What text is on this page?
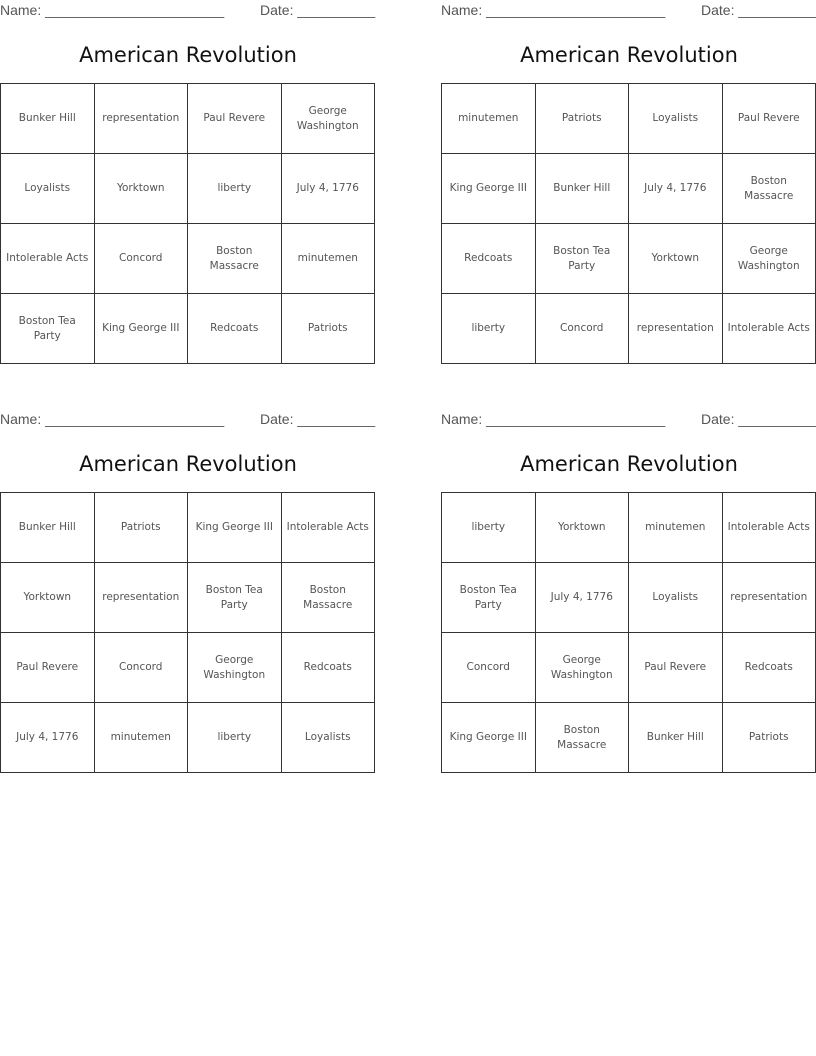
Name: _______________________	Date: __________
American Revolution
Bunker Hill	representation	Paul Revere	George Washington
Loyalists	Yorktown	liberty	July 4, 1776
Intolerable Acts	Concord	Boston Massacre	minutemen
Boston Tea Party	King George III	Redcoats	Patriots
Name: _______________________	Date: __________
American Revolution
minutemen	Patriots	Loyalists	Paul Revere
King George III	Bunker Hill	July 4, 1776	Boston Massacre
Redcoats	Boston Tea Party	Yorktown	George Washington
liberty	Concord	representation	Intolerable Acts
Name: _______________________	Date: __________
American Revolution
Bunker Hill	Patriots	King George III	Intolerable Acts
Yorktown	representation	Boston Tea Party	Boston Massacre
Paul Revere	Concord	George Washington	Redcoats
July 4, 1776	minutemen	liberty	Loyalists
Name: _______________________	Date: __________
American Revolution
liberty	Yorktown	minutemen	Intolerable Acts
Boston Tea Party	July 4, 1776	Loyalists	representation
Concord	George Washington	Paul Revere	Redcoats
King George III	Boston Massacre	Bunker Hill	Patriots
